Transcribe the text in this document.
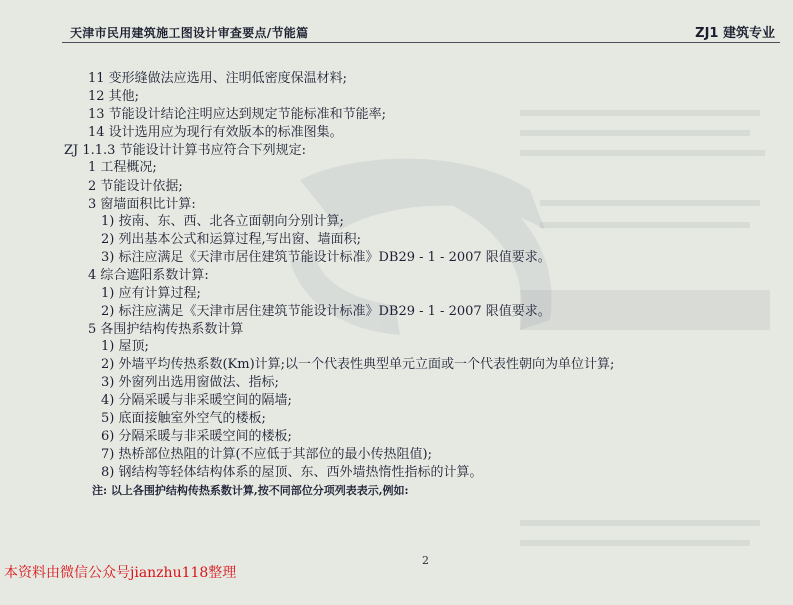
天津市民用建筑施工图设计审查要点/节能篇	ZJ1 建筑专业
11 变形缝做法应选用、注明低密度保温材料;
12 其他;
13 节能设计结论注明应达到规定节能标准和节能率;
14 设计选用应为现行有效版本的标准图集。
ZJ 1.1.3 节能设计计算书应符合下列规定:
1 工程概况;
2 节能设计依据;
3 窗墙面积比计算:
1) 按南、东、西、北各立面朝向分别计算;
2) 列出基本公式和运算过程,写出窗、墙面积;
3) 标注应满足《天津市居住建筑节能设计标准》DB29 - 1 - 2007 限值要求。
4 综合遮阳系数计算:
1) 应有计算过程;
2) 标注应满足《天津市居住建筑节能设计标准》DB29 - 1 - 2007 限值要求。
5 各围护结构传热系数计算
1) 屋顶;
2) 外墙平均传热系数(Km)计算;以一个代表性典型单元立面或一个代表性朝向为单位计算;
3) 外窗列出选用窗做法、指标;
4) 分隔采暖与非采暖空间的隔墙;
5) 底面接触室外空气的楼板;
6) 分隔采暖与非采暖空间的楼板;
7) 热桥部位热阻的计算(不应低于其部位的最小传热阻值);
8) 钢结构等轻体结构体系的屋顶、东、西外墙热惰性指标的计算。
注: 以上各围护结构传热系数计算,按不同部位分项列表表示,例如:
2
本资料由微信公众号jianzhu118整理
